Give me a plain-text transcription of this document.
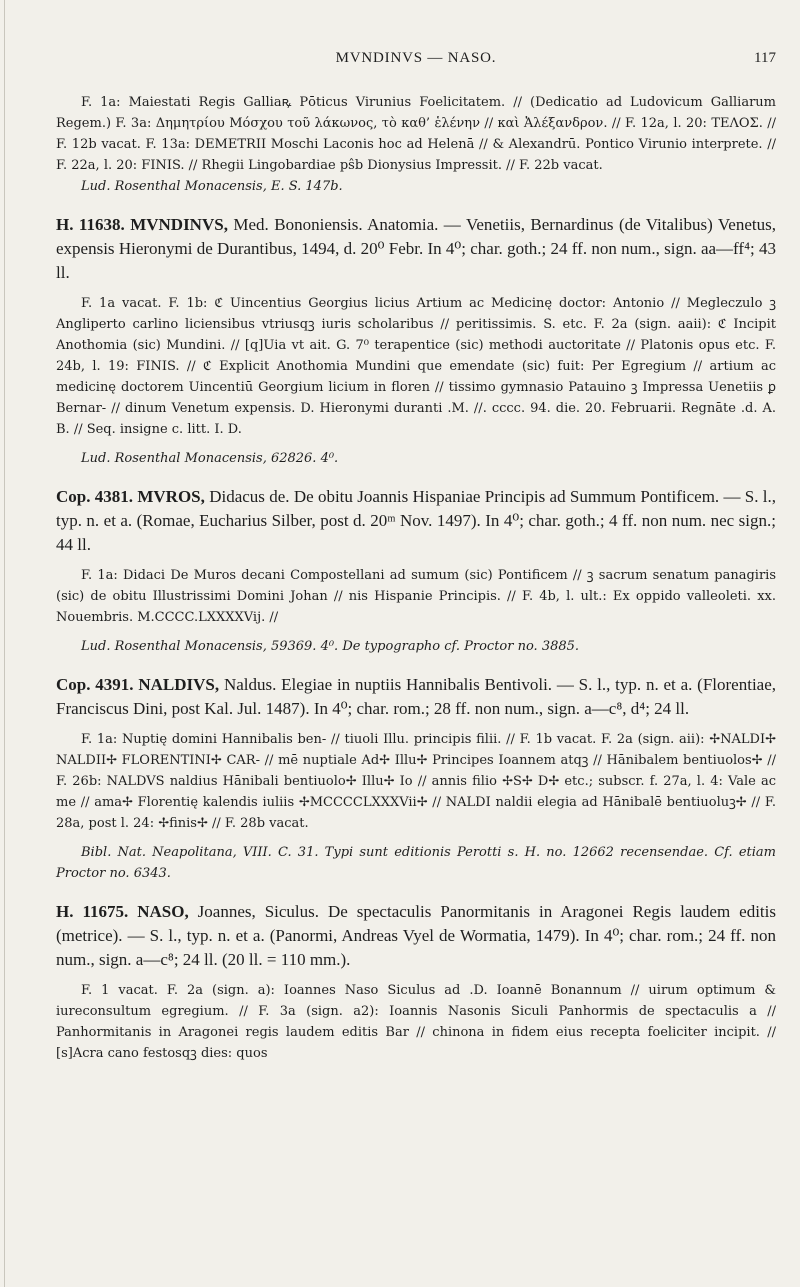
MVNDINVS — NASO.	117

F. 1a: Maiestati Regis Galliaꝶ Pōticus Virunius Foelicitatem. // (Dedicatio ad Ludovicum Galliarum Regem.) F. 3a: Δημητρίου Μόσχου τοῦ λάκωνος, τὸ καθ’ ἑλένην // καὶ Ἀλέξανδρον. // F. 12a, l. 20: ΤΕΛΟΣ. // F. 12b vacat. F. 13a: DEMETRII Moschi Laconis hoc ad Helenā // & Alexandrū. Pontico Virunio interprete. // F. 22a, l. 20: FINIS. // Rhegii Lingobardiae pŝb Dionysius Impressit. // F. 22b vacat.

Lud. Rosenthal Monacensis, E. S. 147b.

H. 11638. MVNDINVS, Med. Bononiensis. Anatomia. — Venetiis, Bernardinus (de Vitalibus) Venetus, expensis Hieronymi de Durantibus, 1494, d. 20⁰ Febr. In 4⁰; char. goth.; 24 ff. non num., sign. aa—ff⁴; 43 ll.

F. 1a vacat. F. 1b: ℭ Uincentius Georgius licius Artium ac Medicinę doctor: Antonio // Megleczulo ꝫ Angliperto carlino liciensibus vtriusqꝫ iuris scholaribus // peritissimis. S. etc. F. 2a (sign. aaii): ℭ Incipit Anothomia (sic) Mundini. // [q]Uia vt ait. G. 7⁰ terapentice (sic) methodi auctoritate // Platonis opus etc. F. 24b, l. 19: FINIS. // ℭ Explicit Anothomia Mundini que emendate (sic) fuit: Per Egregium // artium ac medicinę doctorem Uincentiū Georgium licium in floren // tissimo gymnasio Patauino ꝫ Impressa Uenetiis ꝑ Bernar- // dinum Venetum expensis. D. Hieronymi duranti .M. //. cccc. 94. die. 20. Februarii. Regnāte .d. A. B. // Seq. insigne c. litt. I. D.

Lud. Rosenthal Monacensis, 62826. 4⁰.

Cop. 4381. MVROS, Didacus de. De obitu Joannis Hispaniae Principis ad Summum Pontificem. — S. l., typ. n. et a. (Romae, Eucharius Silber, post d. 20ᵐ Nov. 1497). In 4⁰; char. goth.; 4 ff. non num. nec sign.; 44 ll.

F. 1a: Didaci De Muros decani Compostellani ad sumum (sic) Pontificem // ꝫ sacrum senatum panagiris (sic) de obitu Illustrissimi Domini Johan // nis Hispanie Principis. // F. 4b, l. ult.: Ex oppido valleoleti. xx. Nouembris. M.CCCC.LXXXXVij. //

Lud. Rosenthal Monacensis, 59369. 4⁰. De typographo cf. Proctor no. 3885.

Cop. 4391. NALDIVS, Naldus. Elegiae in nuptiis Hannibalis Bentivoli. — S. l., typ. n. et a. (Florentiae, Franciscus Dini, post Kal. Jul. 1487). In 4⁰; char. rom.; 28 ff. non num., sign. a—c⁸, d⁴; 24 ll.

F. 1a: Nuptię domini Hannibalis ben- // tiuoli Illu. principis filii. // F. 1b vacat. F. 2a (sign. aii): ✢NALDI✢ NALDII✢ FLORENTINI✢ CAR- // mē nuptiale Ad✢ Illu✢ Principes Ioannem atqꝫ // Hānibalem bentiuolos✢ // F. 26b: NALDVS naldius Hānibali bentiuolo✢ Illu✢ Io // annis filio ✢S✢ D✢ etc.; subscr. f. 27a, l. 4: Vale ac me // ama✢ Florentię kalendis iuliis ✢MCCCCLXXXVii✢ // NALDI naldii elegia ad Hānibalē bentiuoluꝫ✢ // F. 28a, post l. 24: ✢finis✢ // F. 28b vacat.

Bibl. Nat. Neapolitana, VIII. C. 31. Typi sunt editionis Perotti s. H. no. 12662 recensendae. Cf. etiam Proctor no. 6343.

H. 11675. NASO, Joannes, Siculus. De spectaculis Panormitanis in Aragonei Regis laudem editis (metrice). — S. l., typ. n. et a. (Panormi, Andreas Vyel de Wormatia, 1479). In 4⁰; char. rom.; 24 ff. non num., sign. a—c⁸; 24 ll. (20 ll. = 110 mm.).

F. 1 vacat. F. 2a (sign. a): Ioannes Naso Siculus ad .D. Ioannē Bonannum // uirum optimum & iureconsultum egregium. // F. 3a (sign. a2): Ioannis Nasonis Siculi Panhormis de spectaculis a // Panhormitanis in Aragonei regis laudem editis Bar // chinona in fidem eius recepta foeliciter incipit. // [s]Acra cano festosqꝫ dies: quos
